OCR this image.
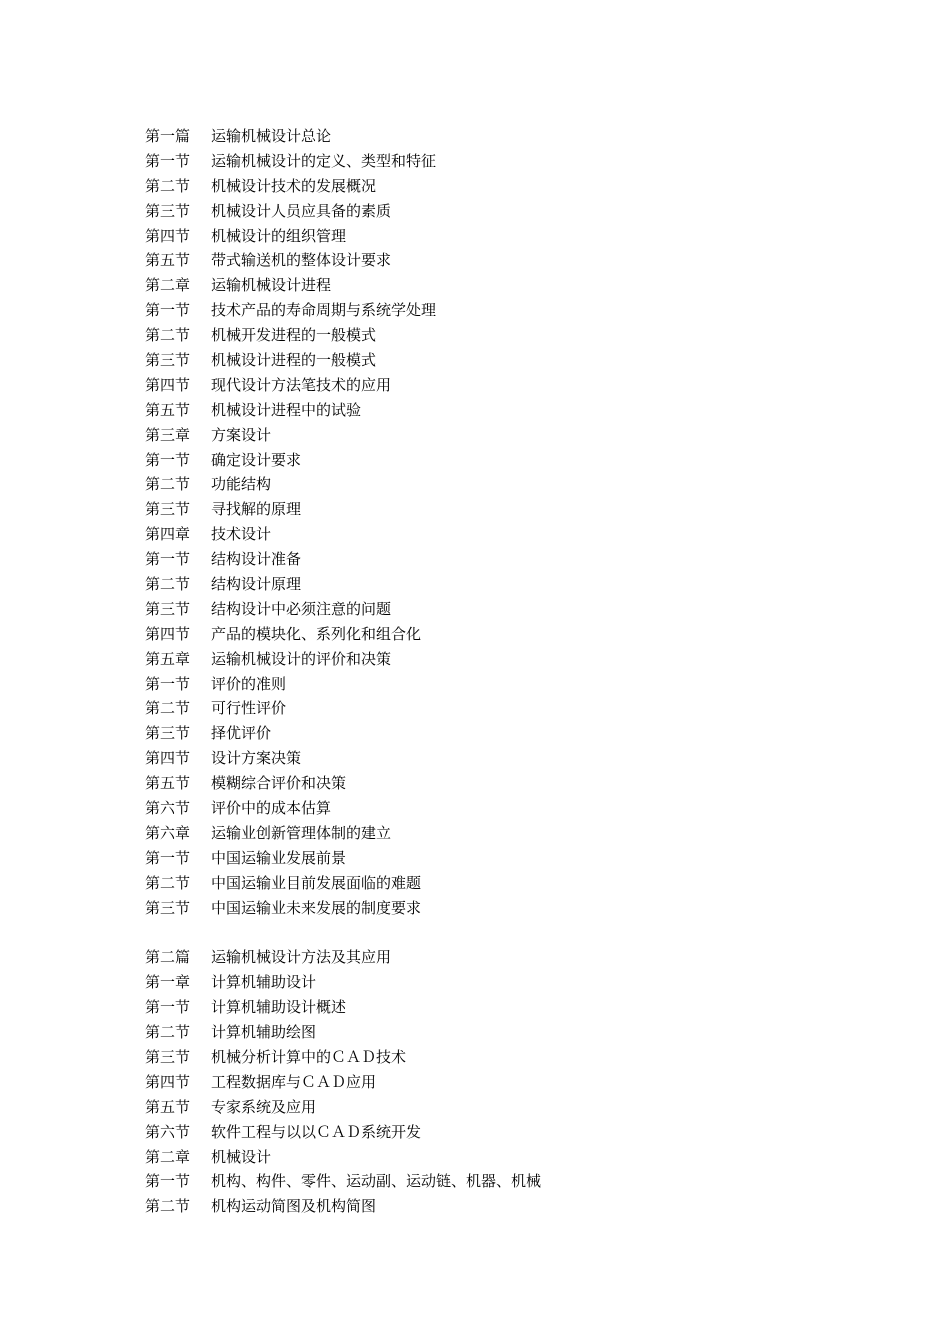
第一篇	运输机械设计总论
第一节	运输机械设计的定义、类型和特征
第二节	机械设计技术的发展概况
第三节	机械设计人员应具备的素质
第四节	机械设计的组织管理
第五节	带式输送机的整体设计要求
第二章	运输机械设计进程
第一节	技术产品的寿命周期与系统学处理
第二节	机械开发进程的一般模式
第三节	机械设计进程的一般模式
第四节	现代设计方法笔技术的应用
第五节	机械设计进程中的试验
第三章	方案设计
第一节	确定设计要求
第二节	功能结构
第三节	寻找解的原理
第四章	技术设计
第一节	结构设计准备
第二节	结构设计原理
第三节	结构设计中必须注意的问题
第四节	产品的模块化、系列化和组合化
第五章	运输机械设计的评价和决策
第一节	评价的准则
第二节	可行性评价
第三节	择优评价
第四节	设计方案决策
第五节	模糊综合评价和决策
第六节	评价中的成本估算
第六章	运输业创新管理体制的建立
第一节	中国运输业发展前景
第二节	中国运输业目前发展面临的难题
第三节	中国运输业未来发展的制度要求
第二篇	运输机械设计方法及其应用
第一章	计算机辅助设计
第一节	计算机辅助设计概述
第二节	计算机辅助绘图
第三节	机械分析计算中的ＣＡＤ技术
第四节	工程数据库与ＣＡＤ应用
第五节	专家系统及应用
第六节	软件工程与以以ＣＡＤ系统开发
第二章	机械设计
第一节	机构、构件、零件、运动副、运动链、机器、机械
第二节	机构运动简图及机构简图
